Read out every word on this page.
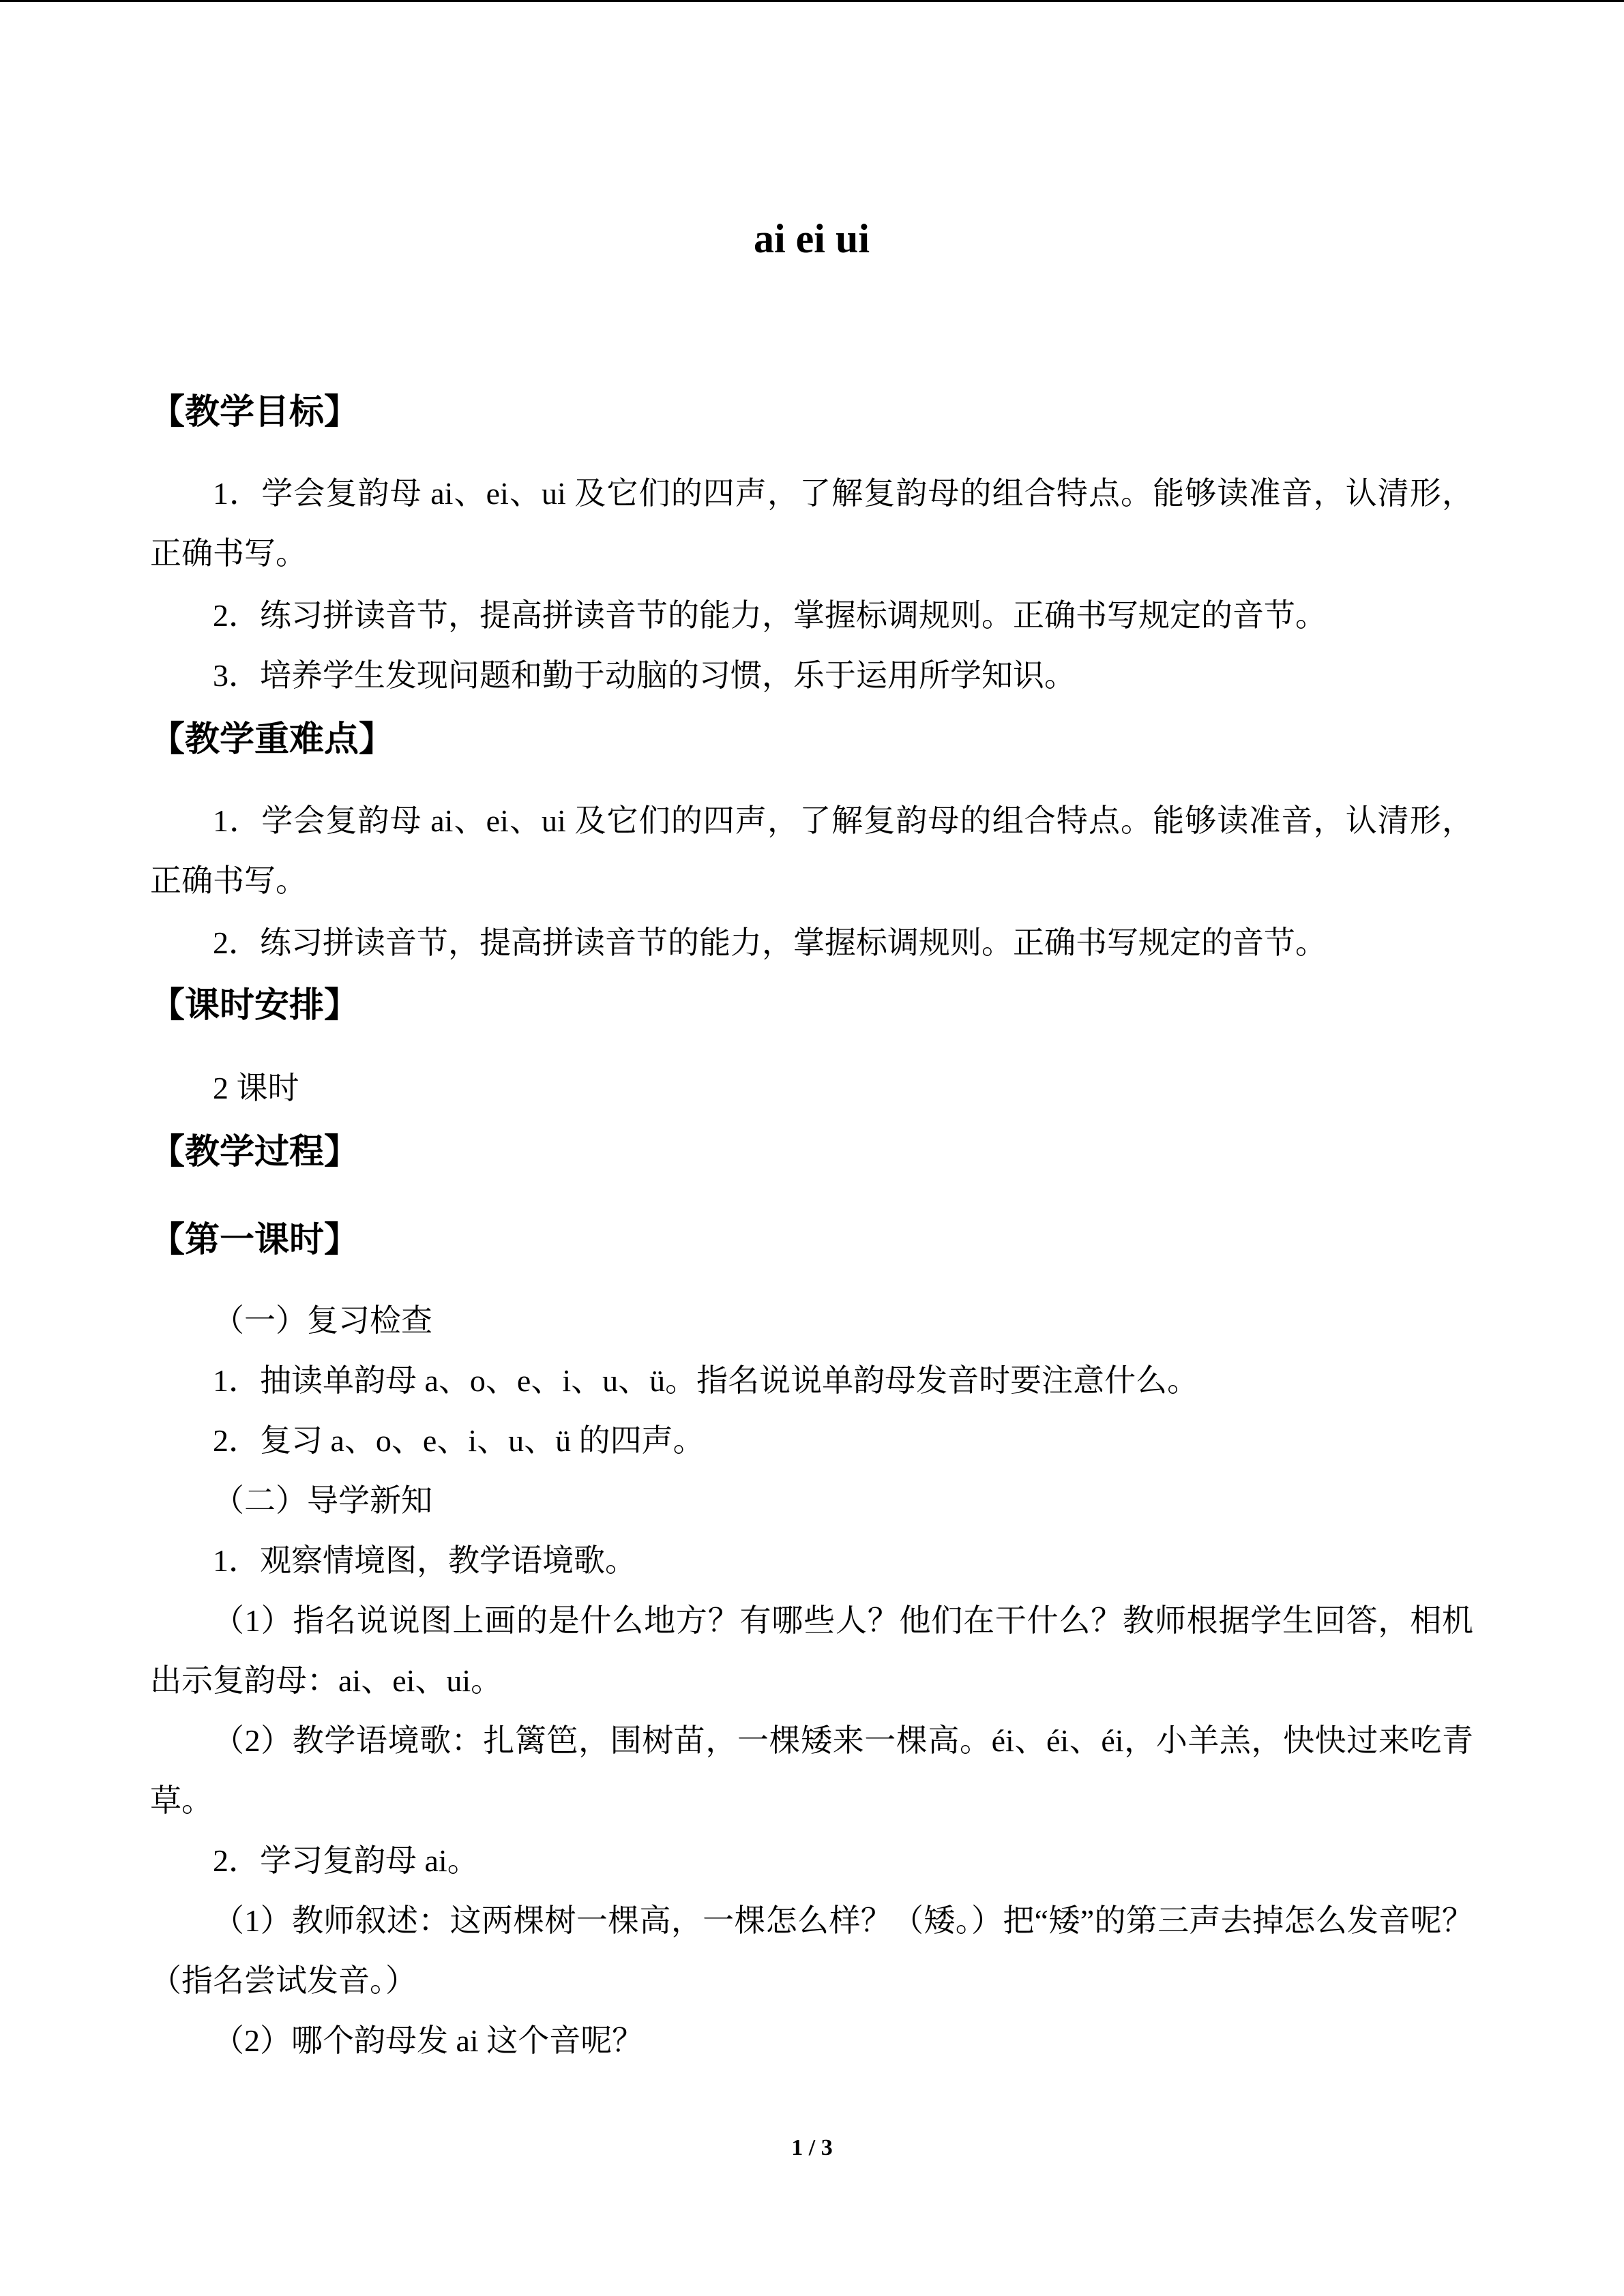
ai ei ui
【教学目标】
1．学会复韵母 ai、ei、ui 及它们的四声，了解复韵母的组合特点。能够读准音，认清形，正确书写。
2．练习拼读音节，提高拼读音节的能力，掌握标调规则。正确书写规定的音节。
3．培养学生发现问题和勤于动脑的习惯，乐于运用所学知识。
【教学重难点】
1．学会复韵母 ai、ei、ui 及它们的四声，了解复韵母的组合特点。能够读准音，认清形，正确书写。
2．练习拼读音节，提高拼读音节的能力，掌握标调规则。正确书写规定的音节。
【课时安排】
2 课时
【教学过程】
【第一课时】
（一）复习检查
1．抽读单韵母 a、o、e、i、u、ü。指名说说单韵母发音时要注意什么。
2．复习 a、o、e、i、u、ü 的四声。
（二）导学新知
1．观察情境图，教学语境歌。
（1）指名说说图上画的是什么地方？有哪些人？他们在干什么？教师根据学生回答，相机出示复韵母：ai、ei、ui。
（2）教学语境歌：扎篱笆，围树苗，一棵矮来一棵高。éi、éi、éi，小羊羔，快快过来吃青草。
2．学习复韵母 ai。
（1）教师叙述：这两棵树一棵高，一棵怎么样？（矮。）把“矮”的第三声去掉怎么发音呢？（指名尝试发音。）
（2）哪个韵母发 ai 这个音呢？
1 / 3
